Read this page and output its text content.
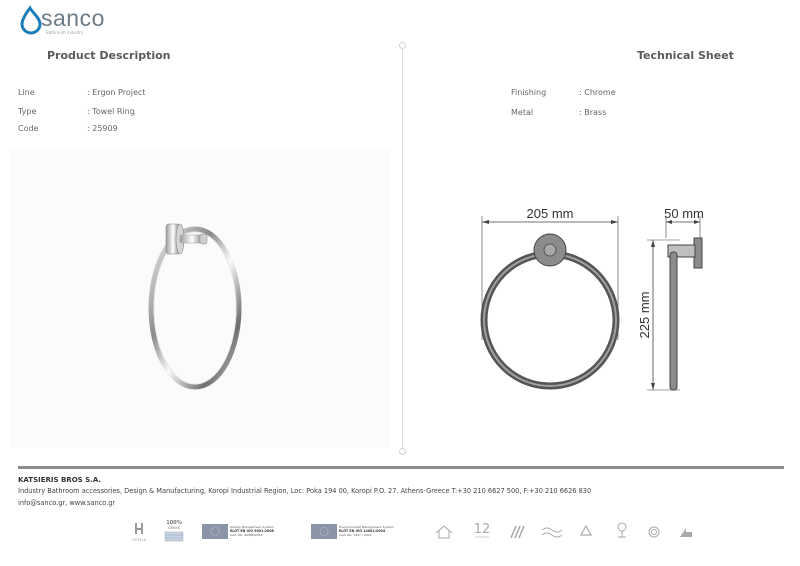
sanco
Bathroom Industry
Product Description	Technical Sheet
Line	: Ergon Project
Type	: Towel Ring
Code	: 25909
Finishing	: Chrome
Metal	: Brass
205 mm	50 mm
225 mm
KATSIERIS BROS S.A.
Industry Bathroom accessories, Design & Manufacturing, Koropi Industrial Region, Loc: Poka 194 00, Koropi P.O. 27. Athens-Greece T:+30 210 6627 500, F:+30 210 6626 830
info@sanco.gr, www.sanco.gr
HOTELS
100%
GREEK	Quality Management System
ELOT EN ISO 9001:2008
Cert. No: 90086/2050
Environmental Management System
ELOT EN ISO 14001:2004
Cert. No: 1447 / 2003	12
